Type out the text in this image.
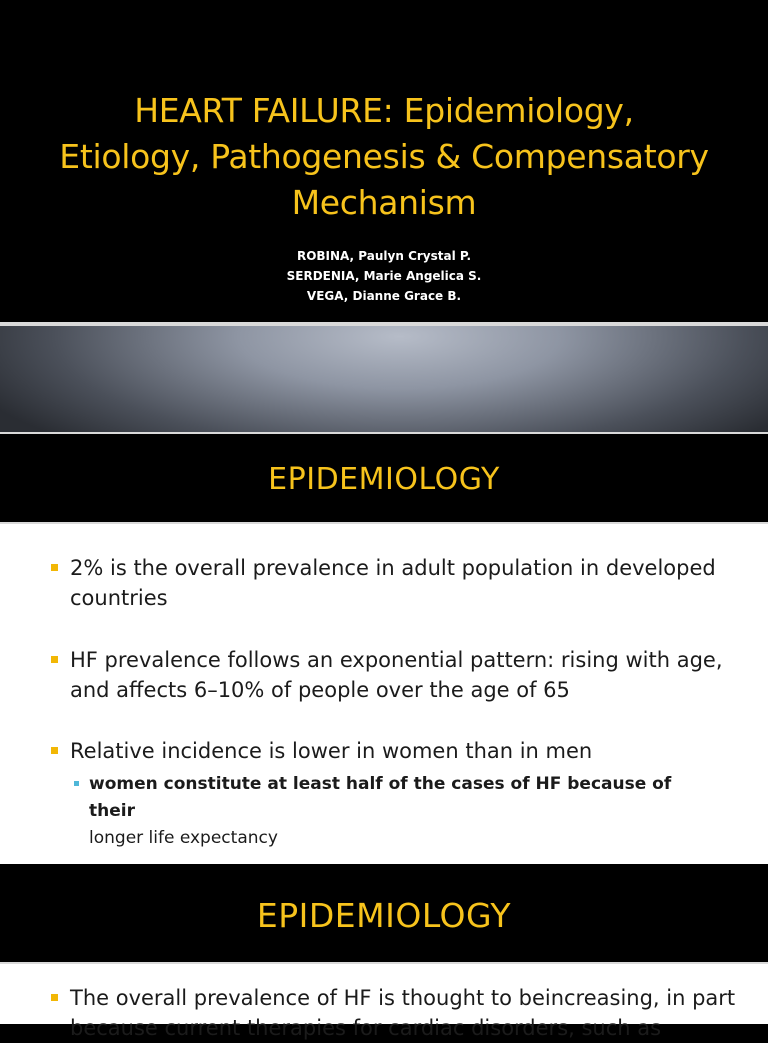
HEART FAILURE: Epidemiology,
Etiology, Pathogenesis & Compensatory
Mechanism
ROBINA, Paulyn Crystal P.
SERDENIA, Marie Angelica S.
VEGA, Dianne Grace B.
EPIDEMIOLOGY
2% is the overall prevalence in adult population in developed countries
HF prevalence follows an exponential pattern: rising with age, and affects 6–10% of people over the age of 65
Relative incidence is lower in women than in men
women constitute at least half of the cases of HF because of their
longer life expectancy
EPIDEMIOLOGY
The overall prevalence of HF is thought to beincreasing, in part because current therapies for cardiac disorders, such as
